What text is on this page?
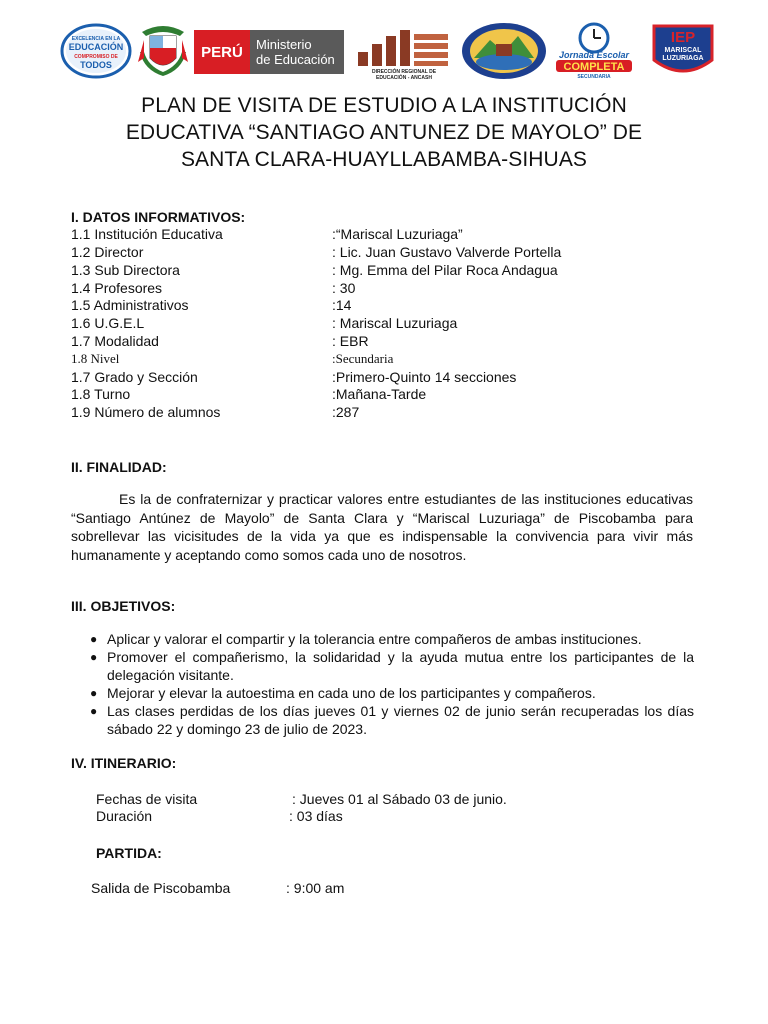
EXCELENCIA EN LA
EDUCACIÓN
COMPROMISO DE
TODOS
PERÚ	Ministerio
de Educación
DIRECCIÓN REGIONAL DE
EDUCACIÓN - ANCASH
Jornada Escolar
COMPLETA
SECUNDARIA
IEP
MARISCAL
LUZURIAGA
PLAN DE VISITA DE ESTUDIO A LA INSTITUCIÓN
EDUCATIVA “SANTIAGO ANTUNEZ DE MAYOLO” DE
SANTA CLARA-HUAYLLABAMBA-SIHUAS
I. DATOS INFORMATIVOS:
1.1 Institución Educativa	:“Mariscal Luzuriaga”
1.2 Director	: Lic. Juan Gustavo Valverde Portella
1.3 Sub Directora	: Mg. Emma del Pilar Roca Andagua
1.4 Profesores	: 30
1.5 Administrativos	:14
1.6 U.G.E.L	: Mariscal Luzuriaga
1.7 Modalidad	: EBR
1.8 Nivel	:Secundaria
1.7 Grado y Sección	:Primero-Quinto 14 secciones
1.8 Turno	:Mañana-Tarde
1.9 Número de alumnos	:287
II. FINALIDAD:
Es la de confraternizar y practicar valores entre estudiantes de las instituciones educativas “Santiago Antúnez de Mayolo” de Santa Clara y “Mariscal Luzuriaga” de Piscobamba para sobrellevar las vicisitudes de la vida ya que es indispensable la convivencia para vivir más humanamente y aceptando como somos cada uno de nosotros.
III. OBJETIVOS:
● Aplicar y valorar el compartir y la tolerancia entre compañeros de ambas instituciones.
● Promover el compañerismo, la solidaridad y la ayuda mutua entre los participantes de la delegación visitante.
● Mejorar y elevar la autoestima en cada uno de los participantes y compañeros.
● Las clases perdidas de los días jueves 01 y viernes 02 de junio serán recuperadas los días sábado 22 y domingo 23 de julio de 2023.
IV. ITINERARIO:
Fechas de visita	: Jueves 01 al Sábado 03 de junio.
Duración	: 03 días
PARTIDA:
Salida de Piscobamba	: 9:00 am
